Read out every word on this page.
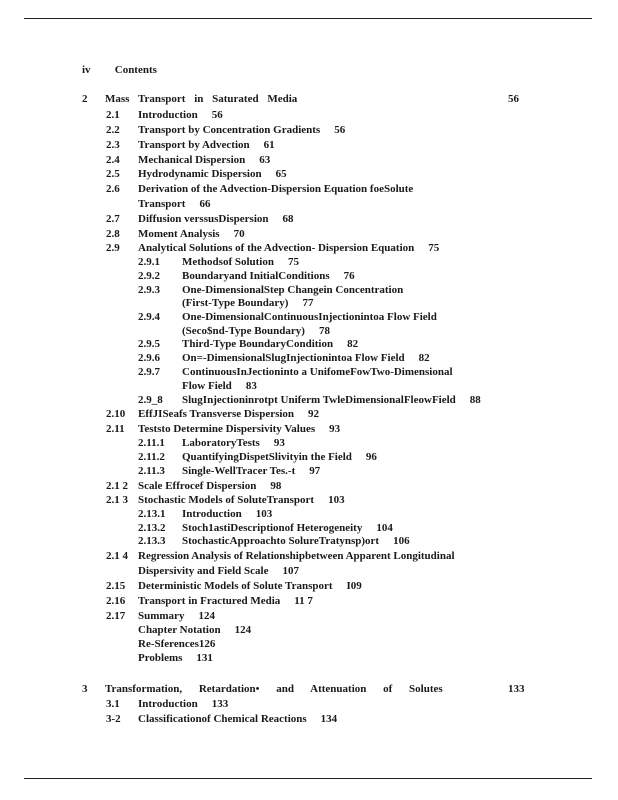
iv Contents
2 Mass Transport in Saturated Media	56
2.1 Introduction 56
2.2 Transport by Concentration Gradients 56
2.3 Transport by Advection 61
2.4 Mechanical Dispersion 63
2.5 Hydrodynamic Dispersion 65
2.6 Derivation of the Advection-Dispersion Equation foeSolute
Transport 66
2.7 Diffusion verssusDispersion 68
2.8 Moment Analysis 70
2.9 Analytical Solutions of the Advection- Dispersion Equation 75
2.9.1 Methodsof Solution 75
2.9.2 Boundaryand InitialConditions 76
2.9.3 One-DimensionalStep Changein Concentration
(First-Type Boundary) 77
2.9.4 One-DimensionalContinuousInjectionintoa Flow Field
(Seco$nd-Type Boundary) 78
2.9.5 Third-Type BoundaryCondition 82
2.9.6 On=-DimensionalSlugInjectionintoa Flow Field 82
2.9.7 ContinuousInJectioninto a UnifomeFowTwo-Dimensional
Flow Field 83
2.9_8 SlugInjectioninrotpt Uniferm TwleDimensionalFleowField 88
2.10 EffJISeafs Transverse Dispersion 92
2.11 Teststo Determine Dispersivity Values 93
2.11.1 LaboratoryTests 93
2.11.2 QuantifyingDispetSlivityin the Field 96
2.11.3 Single-WellTracer Tes.-t 97
2.1 2 Scale Effrocef Dispersion 98
2.1 3 Stochastic Models of SoluteTransport 103
2.13.1 Introduction 103
2.13.2 Stoch1astiDescriptionof Heterogeneity 104
2.13.3 StochasticApproachto SolureTratynsp)ort 106
2.1 4 Regression Analysis of Relationshipbetween Apparent Longitudinal
Dispersivity and Field Scale 107
2.15 Deterministic Models of Solute Transport I09
2.16 Transport in Fractured Media 11 7
2.17 Summary 124
Chapter Notation 124
Re-Sferences126
Problems 131
3 Transformation, Retardation• and Attenuation of Solutes	133
3.1 Introduction 133
3-2 Classificationof Chemical Reactions 134
